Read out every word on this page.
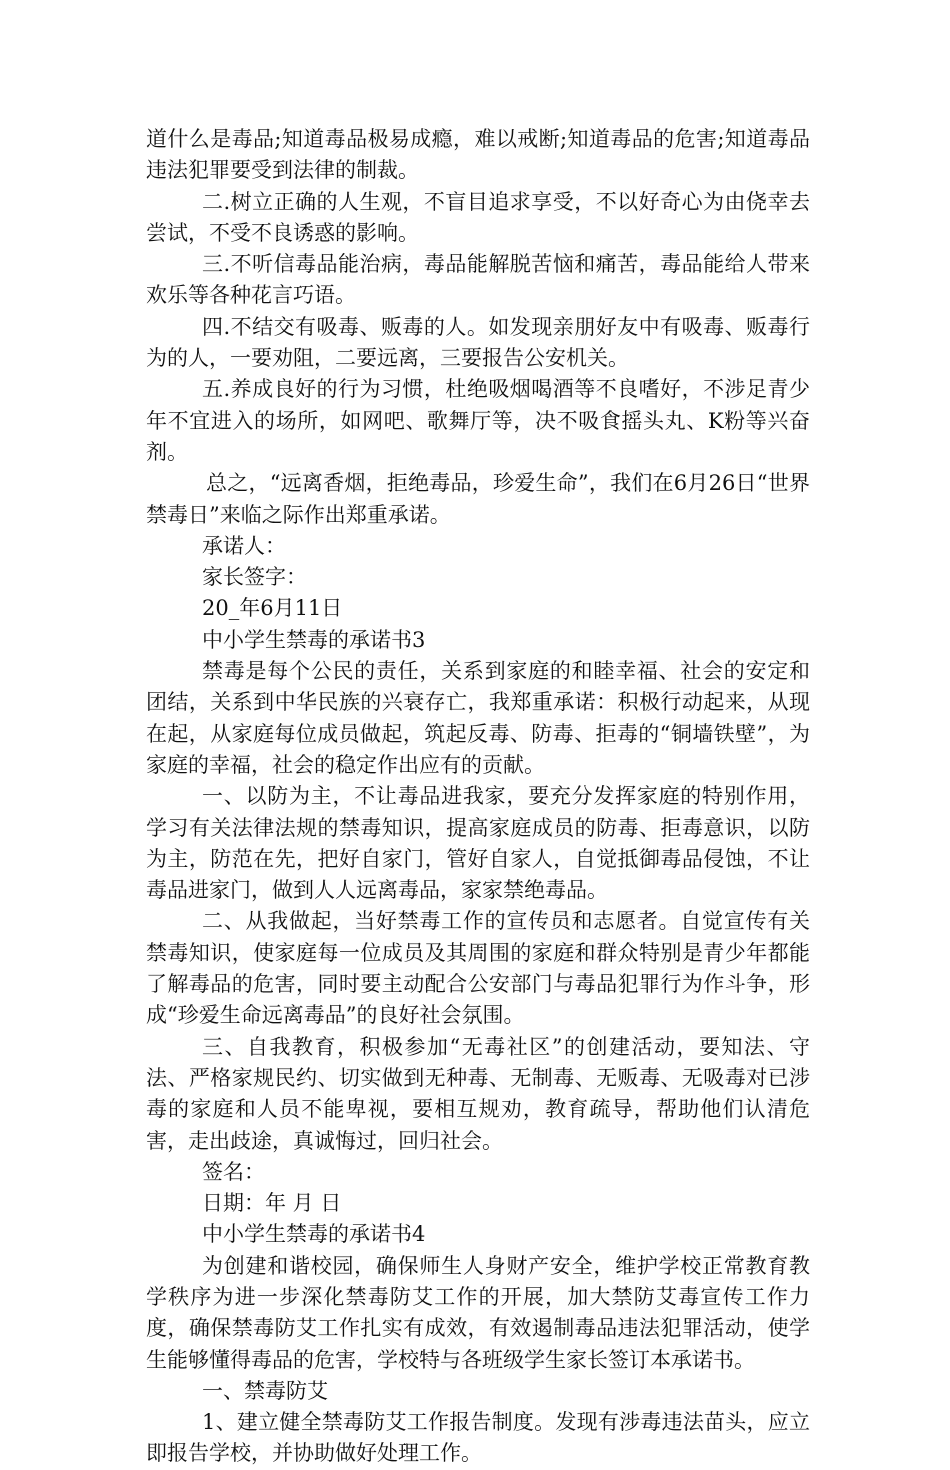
道什么是毒品;知道毒品极易成瘾，难以戒断;知道毒品的危害;知道毒品违法犯罪要受到法律的制裁。

二.树立正确的人生观，不盲目追求享受，不以好奇心为由侥幸去尝试，不受不良诱惑的影响。

三.不听信毒品能治病，毒品能解脱苦恼和痛苦，毒品能给人带来欢乐等各种花言巧语。

四.不结交有吸毒、贩毒的人。如发现亲朋好友中有吸毒、贩毒行为的人，一要劝阻，二要远离，三要报告公安机关。

五.养成良好的行为习惯，杜绝吸烟喝酒等不良嗜好，不涉足青少年不宜进入的场所，如网吧、歌舞厅等，决不吸食摇头丸、K粉等兴奋剂。

总之，“远离香烟，拒绝毒品，珍爱生命”，我们在6月26日“世界禁毒日”来临之际作出郑重承诺。

承诺人：

家长签字：

20_年6月11日

中小学生禁毒的承诺书3

禁毒是每个公民的责任，关系到家庭的和睦幸福、社会的安定和团结，关系到中华民族的兴衰存亡，我郑重承诺：积极行动起来，从现在起，从家庭每位成员做起，筑起反毒、防毒、拒毒的“铜墙铁壁”，为家庭的幸福，社会的稳定作出应有的贡献。

一、以防为主，不让毒品进我家，要充分发挥家庭的特别作用，学习有关法律法规的禁毒知识，提高家庭成员的防毒、拒毒意识，以防为主，防范在先，把好自家门，管好自家人，自觉抵御毒品侵蚀，不让毒品进家门，做到人人远离毒品，家家禁绝毒品。

二、从我做起，当好禁毒工作的宣传员和志愿者。自觉宣传有关禁毒知识，使家庭每一位成员及其周围的家庭和群众特别是青少年都能了解毒品的危害，同时要主动配合公安部门与毒品犯罪行为作斗争，形成“珍爱生命远离毒品”的良好社会氛围。

三、自我教育，积极参加“无毒社区”的创建活动，要知法、守法、严格家规民约、切实做到无种毒、无制毒、无贩毒、无吸毒对已涉毒的家庭和人员不能卑视，要相互规劝，教育疏导，帮助他们认清危害，走出歧途，真诚悔过，回归社会。

签名：

日期：年 月 日

中小学生禁毒的承诺书4

为创建和谐校园，确保师生人身财产安全，维护学校正常教育教学秩序为进一步深化禁毒防艾工作的开展，加大禁防艾毒宣传工作力度，确保禁毒防艾工作扎实有成效，有效遏制毒品违法犯罪活动，使学生能够懂得毒品的危害，学校特与各班级学生家长签订本承诺书。

一、禁毒防艾

1、建立健全禁毒防艾工作报告制度。发现有涉毒违法苗头，应立即报告学校，并协助做好处理工作。
